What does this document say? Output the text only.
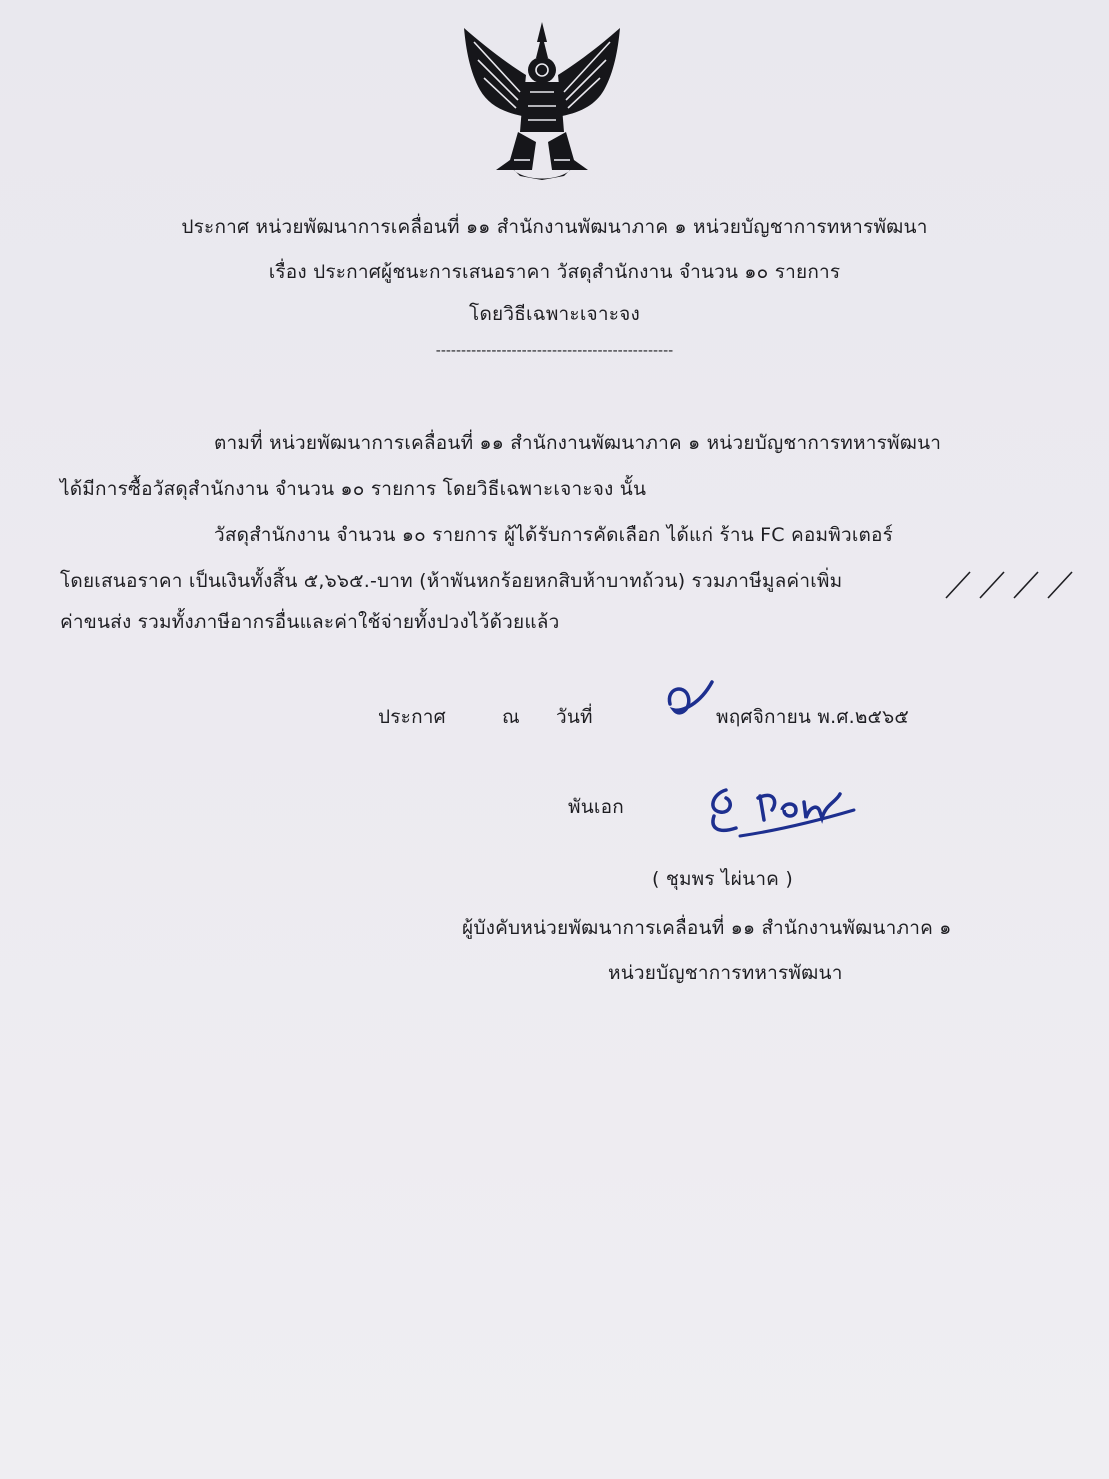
ประกาศ หน่วยพัฒนาการเคลื่อนที่ ๑๑ สำนักงานพัฒนาภาค ๑ หน่วยบัญชาการทหารพัฒนา
เรื่อง ประกาศผู้ชนะการเสนอราคา วัสดุสำนักงาน จำนวน ๑๐ รายการ
โดยวิธีเฉพาะเจาะจง
-----------------------------------------------
ตามที่ หน่วยพัฒนาการเคลื่อนที่ ๑๑ สำนักงานพัฒนาภาค ๑ หน่วยบัญชาการทหารพัฒนา
ได้มีการซื้อวัสดุสำนักงาน จำนวน ๑๐ รายการ โดยวิธีเฉพาะเจาะจง นั้น
วัสดุสำนักงาน จำนวน ๑๐ รายการ ผู้ได้รับการคัดเลือก ได้แก่ ร้าน FC คอมพิวเตอร์
โดยเสนอราคา เป็นเงินทั้งสิ้น ๕,๖๖๕.-บาท (ห้าพันหกร้อยหกสิบห้าบาทถ้วน) รวมภาษีมูลค่าเพิ่ม
ค่าขนส่ง รวมทั้งภาษีอากรอื่นและค่าใช้จ่ายทั้งปวงไว้ด้วยแล้ว
ประกาศ	ณ วันที่	พฤศจิกายน พ.ศ.๒๕๖๕
พันเอก
( ชุมพร ไผ่นาค )
ผู้บังคับหน่วยพัฒนาการเคลื่อนที่ ๑๑ สำนักงานพัฒนาภาค ๑
หน่วยบัญชาการทหารพัฒนา
